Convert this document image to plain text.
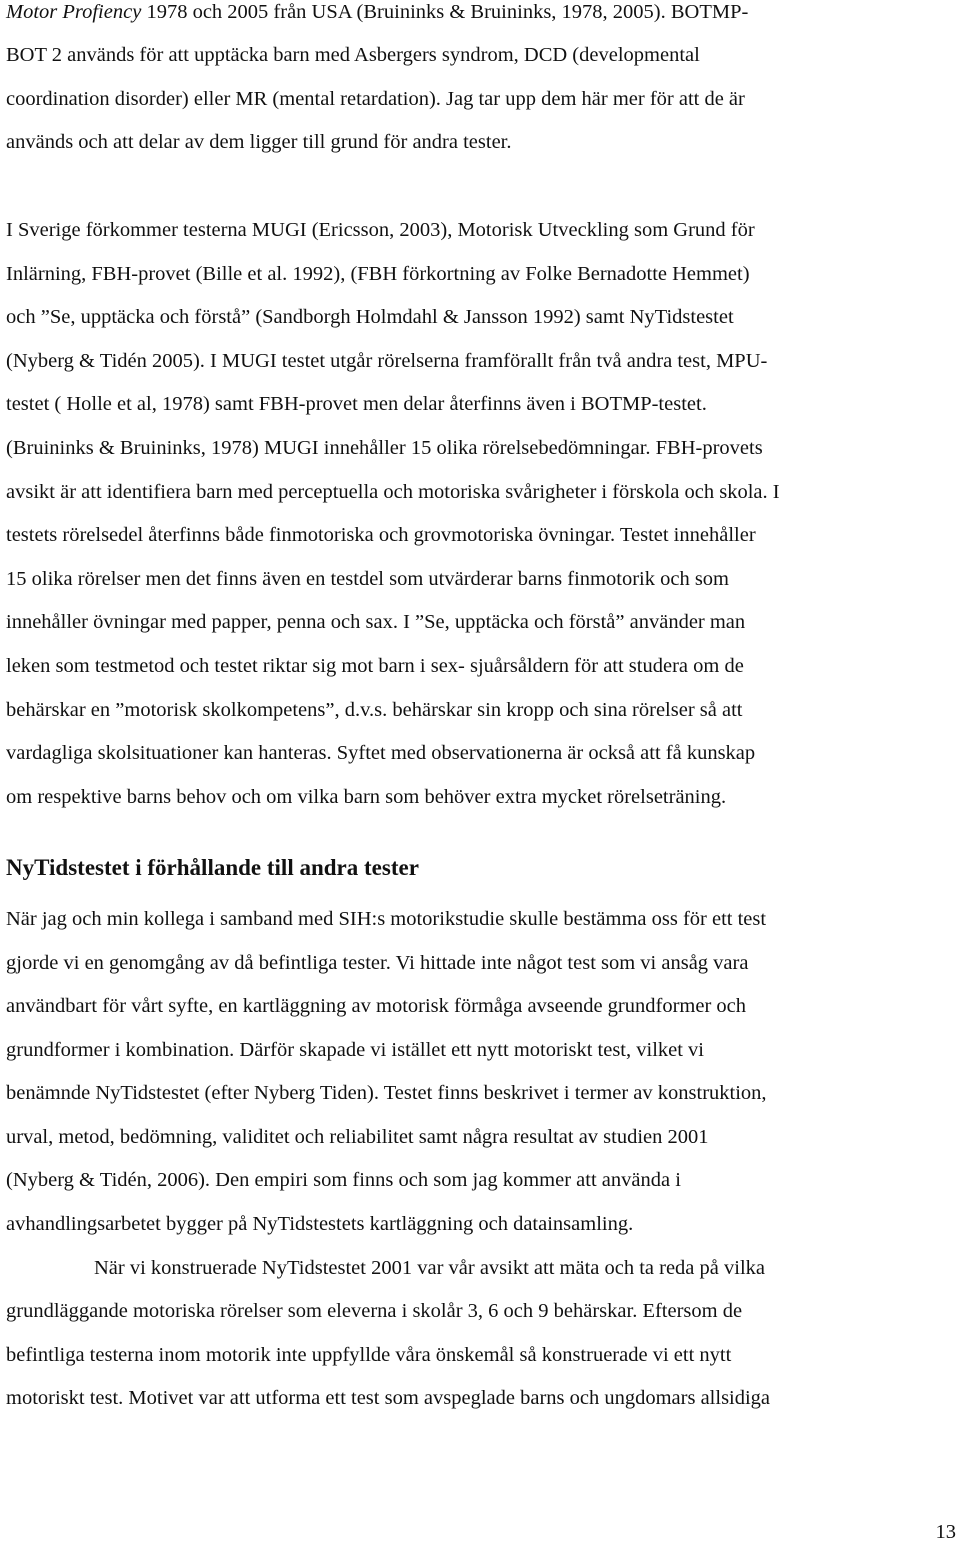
Motor Profiency 1978 och 2005 från USA (Bruininks & Bruininks, 1978, 2005). BOTMP-
BOT 2 används för att upptäcka barn med Asbergers syndrom, DCD (developmental
coordination disorder) eller MR (mental retardation). Jag tar upp dem här mer för att de är
används och att delar av dem ligger till grund för andra tester.
I Sverige förkommer testerna MUGI (Ericsson, 2003), Motorisk Utveckling som Grund för
Inlärning, FBH-provet (Bille et al. 1992), (FBH förkortning av Folke Bernadotte Hemmet)
och ”Se, upptäcka och förstå” (Sandborgh Holmdahl & Jansson 1992) samt NyTidstestet
(Nyberg & Tidén 2005). I MUGI testet utgår rörelserna framförallt från två andra test, MPU-
testet ( Holle et al, 1978) samt FBH-provet men delar återfinns även i BOTMP-testet.
(Bruininks & Bruininks, 1978) MUGI innehåller 15 olika rörelsebedömningar. FBH-provets
avsikt är att identifiera barn med perceptuella och motoriska svårigheter i förskola och skola. I
testets rörelsedel återfinns både finmotoriska och grovmotoriska övningar. Testet innehåller
15 olika rörelser men det finns även en testdel som utvärderar barns finmotorik och som
innehåller övningar med papper, penna och sax. I ”Se, upptäcka och förstå” använder man
leken som testmetod och testet riktar sig mot barn i sex- sjuårsåldern för att studera om de
behärskar en ”motorisk skolkompetens”, d.v.s. behärskar sin kropp och sina rörelser så att
vardagliga skolsituationer kan hanteras. Syftet med observationerna är också att få kunskap
om respektive barns behov och om vilka barn som behöver extra mycket rörelseträning.
NyTidstestet i förhållande till andra tester
När jag och min kollega i samband med SIH:s motorikstudie skulle bestämma oss för ett test
gjorde vi en genomgång av då befintliga tester. Vi hittade inte något test som vi ansåg vara
användbart för vårt syfte, en kartläggning av motorisk förmåga avseende grundformer och
grundformer i kombination. Därför skapade vi istället ett nytt motoriskt test, vilket vi
benämnde NyTidstestet (efter Nyberg Tiden). Testet finns beskrivet i termer av konstruktion,
urval, metod, bedömning, validitet och reliabilitet samt några resultat av studien 2001
(Nyberg & Tidén, 2006). Den empiri som finns och som jag kommer att använda i
avhandlingsarbetet bygger på NyTidstestets kartläggning och datainsamling.
När vi konstruerade NyTidstestet 2001 var vår avsikt att mäta och ta reda på vilka
grundläggande motoriska rörelser som eleverna i skolår 3, 6 och 9 behärskar. Eftersom de
befintliga testerna inom motorik inte uppfyllde våra önskemål så konstruerade vi ett nytt
motoriskt test. Motivet var att utforma ett test som avspeglade barns och ungdomars allsidiga
13
